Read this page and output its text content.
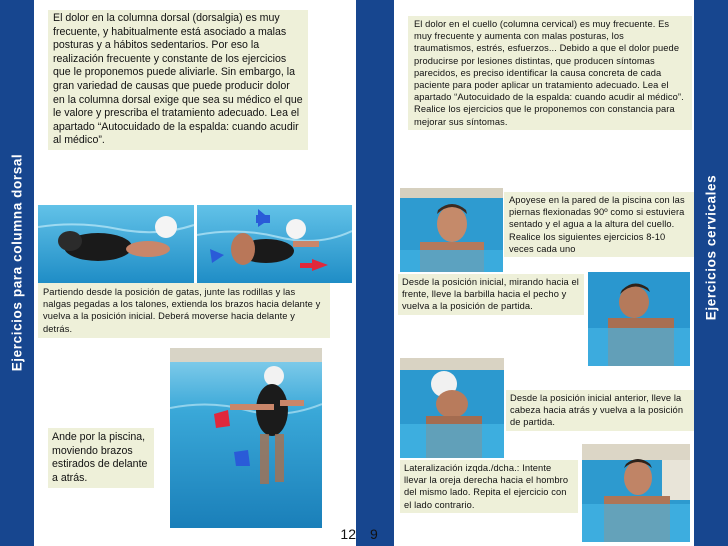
Ejercicios para columna dorsal	Ejercicios cervicales
El dolor en la columna dorsal (dorsalgia) es muy frecuente, y habitualmente está asociado a malas posturas y a hábitos sedentarios. Por eso la realización frecuente y constante de los ejercicios que le proponemos puede aliviarle. Sin embargo, la gran variedad de causas que puede producir dolor en la columna dorsal exige que sea su médico el que le valore y prescriba el tratamiento adecuado. Lea el apartado “Autocuidado de la espalda: cuando acudir al médico”.
Partiendo desde la posición de gatas, junte las rodillas y las nalgas pegadas a los talones, extienda los brazos hacia delante y vuelva a la posición inicial. Deberá moverse hacia delante y detrás.
Ande por la piscina, moviendo brazos estirados de delante a atrás.
12
El dolor en el cuello (columna cervical) es muy frecuente. Es muy frecuente y aumenta con malas posturas, los traumatismos, estrés, esfuerzos... Debido a que el dolor puede producirse por lesiones distintas, que producen síntomas parecidos, es preciso identificar la causa concreta de cada paciente para poder aplicar un tratamiento adecuado. Lea el apartado “Autocuidado de la espalda: cuando acudir al médico”. Realice los ejercicios que le proponemos con constancia para mejorar sus síntomas.
Apoyese en la pared de la piscina con las piernas flexionadas 90º como si estuviera sentado y el agua a la altura del cuello. Realice los siguientes ejercicios 8-10 veces cada uno
Desde la posición inicial, mirando hacia el frente, lleve la barbilla hacia el pecho y vuelva a la posición de partida.
Desde la posición inicial anterior, lleve la cabeza hacia atrás y vuelva a la posición de partida.
Lateralización izqda./dcha.: Intente llevar la oreja derecha hacia el hombro del mismo lado. Repita el ejercicio con el lado contrario.
9
